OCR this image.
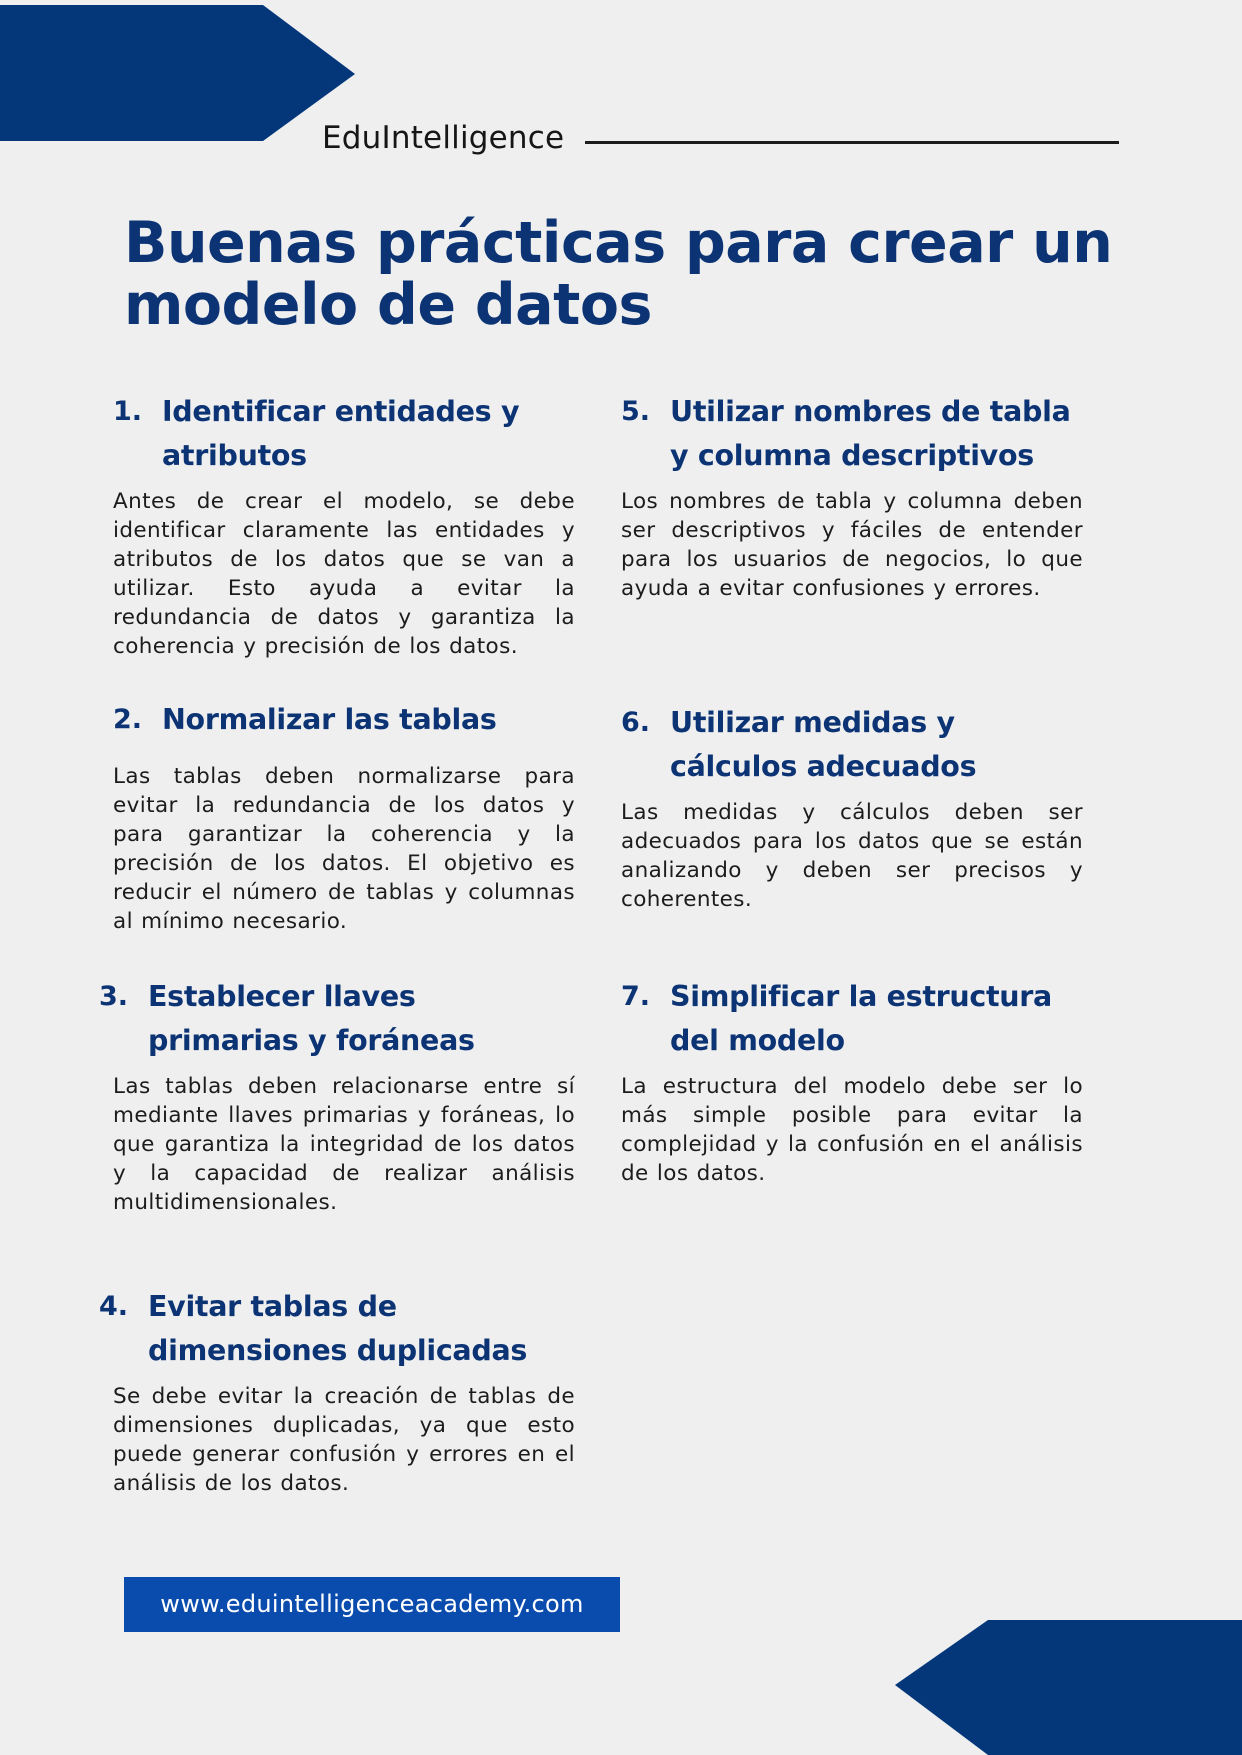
EduIntelligence
Buenas prácticas para crear un modelo de datos
1. Identificar entidades y
atributos

Antes de crear el modelo, se debe identificar claramente las entidades y atributos de los datos que se van a utilizar. Esto ayuda a evitar la redundancia de datos y garantiza la coherencia y precisión de los datos.

2. Normalizar las tablas

Las tablas deben normalizarse para evitar la redundancia de los datos y para garantizar la coherencia y la precisión de los datos. El objetivo es reducir el número de tablas y columnas al mínimo necesario.

3. Establecer llaves
primarias y foráneas

Las tablas deben relacionarse entre sí mediante llaves primarias y foráneas, lo que garantiza la integridad de los datos y la capacidad de realizar análisis multidimensionales.

4. Evitar tablas de
dimensiones duplicadas

Se debe evitar la creación de tablas de dimensiones duplicadas, ya que esto puede generar confusión y errores en el análisis de los datos.

5. Utilizar nombres de tabla
y columna descriptivos

Los nombres de tabla y columna deben ser descriptivos y fáciles de entender para los usuarios de negocios, lo que ayuda a evitar confusiones y errores.

6. Utilizar medidas y
cálculos adecuados

Las medidas y cálculos deben ser adecuados para los datos que se están analizando y deben ser precisos y coherentes.

7. Simplificar la estructura
del modelo

La estructura del modelo debe ser lo más simple posible para evitar la complejidad y la confusión en el análisis de los datos.

www.eduintelligenceacademy.com
